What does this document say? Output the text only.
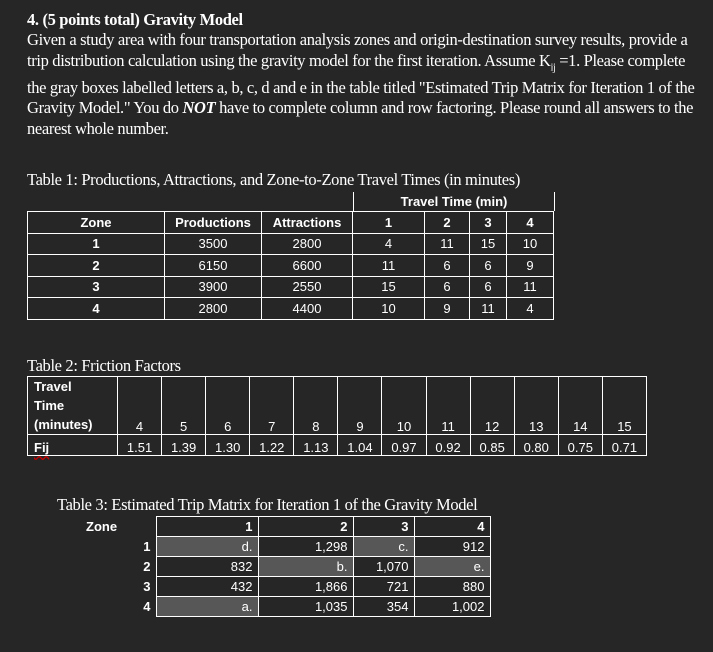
4. (5 points total) Gravity Model
Given a study area with four transportation analysis zones and origin-destination survey results, provide a trip distribution calculation using the gravity model for the first iteration. Assume $K_{ij} =1$. Please complete the gray boxes labelled letters a, b, c, d and e in the table titled "Estimated Trip Matrix for Iteration 1 of the Gravity Model." You do NOT have to complete column and row factoring. Please round all answers to the nearest whole number.
Table 1: Productions, Attractions, and Zone-to-Zone Travel Times (in minutes)
Travel Time (min)
Zone	Productions	Attractions	1	2	3	4
1	3500	2800	4	11	15	10
2	6150	6600	11	6	6	9
3	3900	2550	15	6	6	11
4	2800	4400	10	9	11	4
Table 2: Friction Factors
Travel
Time
(minutes)	4	5	6	7	8	9	10	11	12	13	14	15
Fij	1.51	1.39	1.30	1.22	1.13	1.04	0.97	0.92	0.85	0.80	0.75	0.71
Table 3: Estimated Trip Matrix for Iteration 1 of the Gravity Model
Zone	1	2	3	4
1	d.	1,298	c.	912
2	832	b.	1,070	e.
3	432	1,866	721	880
4	a.	1,035	354	1,002
